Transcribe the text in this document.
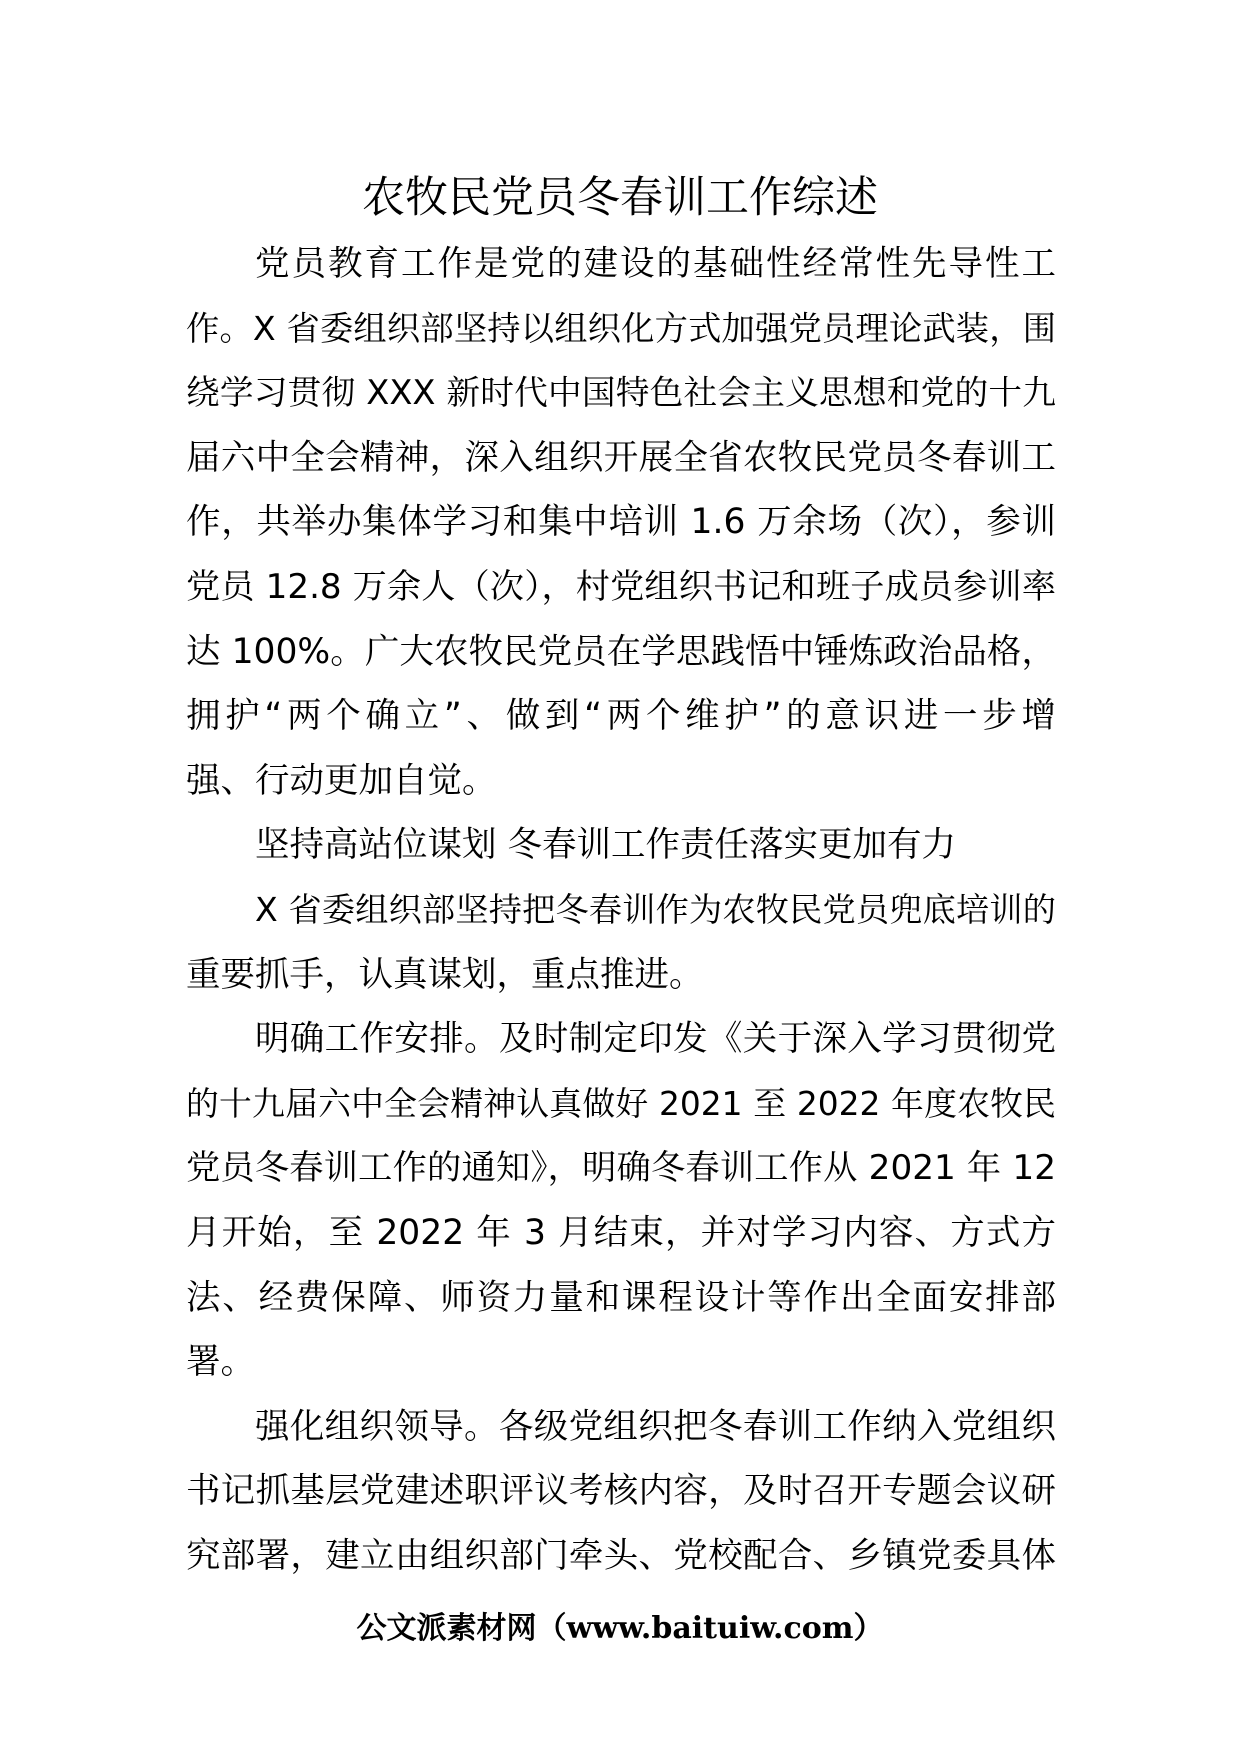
农牧民党员冬春训工作综述
党员教育工作是党的建设的基础性经常性先导性工
作。X 省委组织部坚持以组织化方式加强党员理论武装，围
绕学习贯彻 XXX 新时代中国特色社会主义思想和党的十九
届六中全会精神，深入组织开展全省农牧民党员冬春训工
作，共举办集体学习和集中培训 1.6 万余场（次），参训
党员 12.8 万余人（次），村党组织书记和班子成员参训率
达 100%。广大农牧民党员在学思践悟中锤炼政治品格，
拥护“两个确立”、做到“两个维护”的意识进一步增
强、行动更加自觉。
坚持高站位谋划 冬春训工作责任落实更加有力
X 省委组织部坚持把冬春训作为农牧民党员兜底培训的
重要抓手，认真谋划，重点推进。
明确工作安排。及时制定印发《关于深入学习贯彻党
的十九届六中全会精神认真做好 2021 至 2022 年度农牧民
党员冬春训工作的通知》，明确冬春训工作从 2021 年 12
月开始，至 2022 年 3 月结束，并对学习内容、方式方
法、经费保障、师资力量和课程设计等作出全面安排部
署。
强化组织领导。各级党组织把冬春训工作纳入党组织
书记抓基层党建述职评议考核内容，及时召开专题会议研
究部署，建立由组织部门牵头、党校配合、乡镇党委具体
公文派素材网（www.baituiw.com）
